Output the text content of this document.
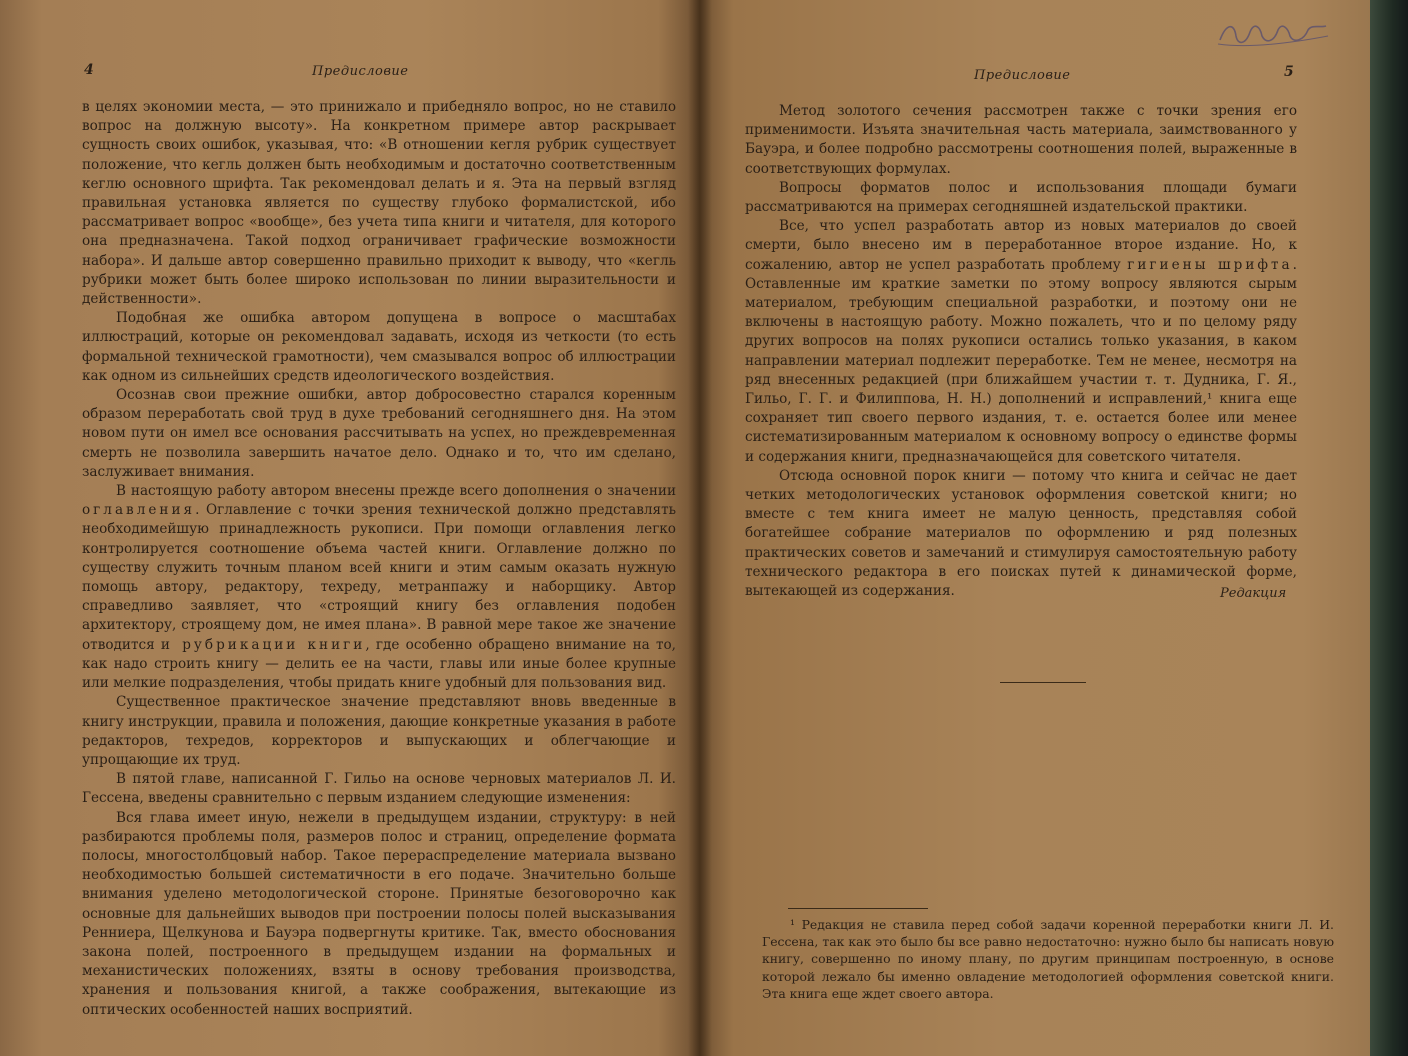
4	Предисловие

в целях экономии места, — это принижало и прибедняло вопрос, но не ставило вопрос на должную высоту». На конкретном примере автор раскрывает сущность своих ошибок, указывая, что: «В отношении кегля рубрик существует положение, что кегль должен быть необходимым и достаточно соответственным кеглю основного шрифта. Так рекомендовал делать и я. Эта на первый взгляд правильная установка является по существу глубоко формалистской, ибо рассматривает вопрос «вообще», без учета типа книги и читателя, для которого она предназначена. Такой подход ограничивает графические возможности набора». И дальше автор совершенно правильно приходит к выводу, что «кегль рубрики может быть более широко использован по линии выразительности и действенности».

Подобная же ошибка автором допущена в вопросе о масштабах иллюстраций, которые он рекомендовал задавать, исходя из четкости (то есть формальной технической грамотности), чем смазывался вопрос об иллюстрации как одном из сильнейших средств идеологического воздействия.

Осознав свои прежние ошибки, автор добросовестно старался коренным образом переработать свой труд в духе требований сегодняшнего дня. На этом новом пути он имел все основания рассчитывать на успех, но преждевременная смерть не позволила завершить начатое дело. Однако и то, что им сделано, заслуживает внимания.

В настоящую работу автором внесены прежде всего дополнения о значении оглавления. Оглавление с точки зрения технической должно представлять необходимейшую принадлежность рукописи. При помощи оглавления легко контролируется соотношение объема частей книги. Оглавление должно по существу служить точным планом всей книги и этим самым оказать нужную помощь автору, редактору, техреду, метранпажу и наборщику. Автор справедливо заявляет, что «строящий книгу без оглавления подобен архитектору, строящему дом, не имея плана». В равной мере такое же значение отводится и рубрикации книги, где особенно обращено внимание на то, как надо строить книгу — делить ее на части, главы или иные более крупные или мелкие подразделения, чтобы придать книге удобный для пользования вид.

Существенное практическое значение представляют вновь введенные в книгу инструкции, правила и положения, дающие конкретные указания в работе редакторов, техредов, корректоров и выпускающих и облегчающие и упрощающие их труд.

В пятой главе, написанной Г. Гильо на основе черновых материалов Л. И. Гессена, введены сравнительно с первым изданием следующие изменения:

Вся глава имеет иную, нежели в предыдущем издании, структуру: в ней разбираются проблемы поля, размеров полос и страниц, определение формата полосы, многостолбцовый набор. Такое перераспределение материала вызвано необходимостью большей систематичности в его подаче. Значительно больше внимания уделено методологической стороне. Принятые безоговорочно как основные для дальнейших выводов при построении полосы полей высказывания Ренниера, Щелкунова и Бауэра подвергнуты критике. Так, вместо обоснования закона полей, построенного в предыдущем издании на формальных и механистических положениях, взяты в основу требования производства, хранения и пользования книгой, а также соображения, вытекающие из оптических особенностей наших восприятий.

Предисловие	5

Метод золотого сечения рассмотрен также с точки зрения его применимости. Изъята значительная часть материала, заимствованного у Бауэра, и более подробно рассмотрены соотношения полей, выраженные в соответствующих формулах.

Вопросы форматов полос и использования площади бумаги рассматриваются на примерах сегодняшней издательской практики.

Все, что успел разработать автор из новых материалов до своей смерти, было внесено им в переработанное второе издание. Но, к сожалению, автор не успел разработать проблему гигиены шрифта. Оставленные им краткие заметки по этому вопросу являются сырым материалом, требующим специальной разработки, и поэтому они не включены в настоящую работу. Можно пожалеть, что и по целому ряду других вопросов на полях рукописи остались только указания, в каком направлении материал подлежит переработке. Тем не менее, несмотря на ряд внесенных редакцией (при ближайшем участии т. т. Дудника, Г. Я., Гильо, Г. Г. и Филиппова, Н. Н.) дополнений и исправлений,¹ книга еще сохраняет тип своего первого издания, т. е. остается более или менее систематизированным материалом к основному вопросу о единстве формы и содержания книги, предназначающейся для советского читателя.

Отсюда основной порок книги — потому что книга и сейчас не дает четких методологических установок оформления советской книги; но вместе с тем книга имеет не малую ценность, представляя собой богатейшее собрание материалов по оформлению и ряд полезных практических советов и замечаний и стимулируя самостоятельную работу технического редактора в его поисках путей к динамической форме, вытекающей из содержания.	Редакция

¹ Редакция не ставила перед собой задачи коренной переработки книги Л. И. Гессена, так как это было бы все равно недостаточно: нужно было бы написать новую книгу, совершенно по иному плану, по другим принципам построенную, в основе которой лежало бы именно овладение методологией оформления советской книги. Эта книга еще ждет своего автора.
